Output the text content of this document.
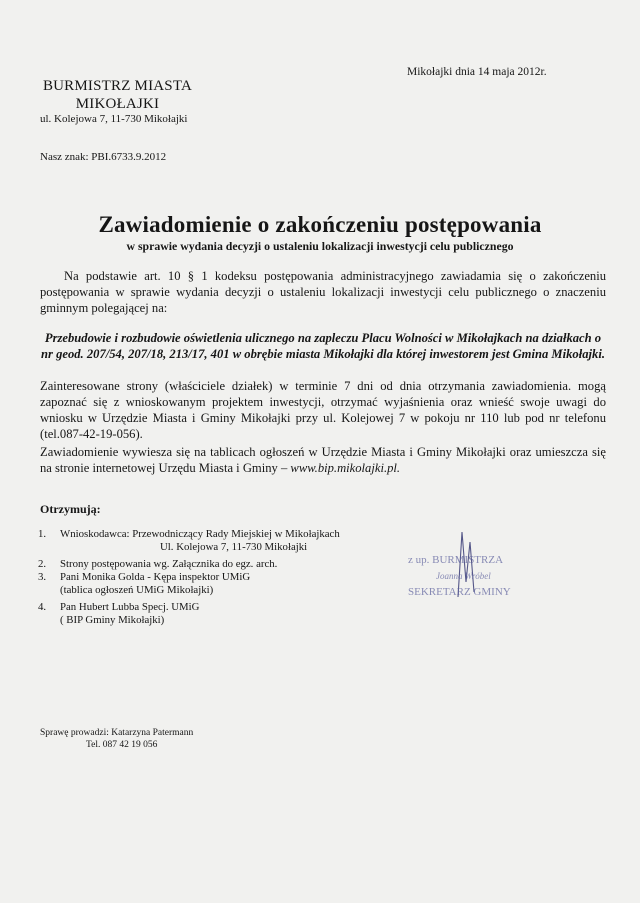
Mikołajki dnia 14 maja 2012r.
BURMISTRZ MIASTA
MIKOŁAJKI
ul. Kolejowa 7, 11-730 Mikołajki
Nasz znak: PBI.6733.9.2012
Zawiadomienie o zakończeniu postępowania
w sprawie wydania decyzji o ustaleniu lokalizacji inwestycji celu publicznego
Na podstawie art. 10 § 1 kodeksu postępowania administracyjnego zawiadamia się o zakończeniu postępowania w sprawie wydania decyzji o ustaleniu lokalizacji inwestycji celu publicznego o znaczeniu gminnym polegającej na:
Przebudowie i rozbudowie oświetlenia ulicznego na zapleczu Placu Wolności w Mikołajkach na działkach o nr geod. 207/54, 207/18, 213/17, 401 w obrębie miasta Mikołajki dla której inwestorem jest Gmina Mikołajki.
Zainteresowane strony (właściciele działek) w terminie 7 dni od dnia otrzymania zawiadomienia. mogą zapoznać się z wnioskowanym projektem inwestycji, otrzymać wyjaśnienia oraz wnieść swoje uwagi do wniosku w Urzędzie Miasta i Gminy Mikołajki przy ul. Kolejowej 7 w pokoju nr 110 lub pod nr telefonu (tel.087-42-19-056).
Zawiadomienie wywiesza się na tablicach ogłoszeń w Urzędzie Miasta i Gminy Mikołajki oraz umieszcza się na stronie internetowej Urzędu Miasta i Gminy – www.bip.mikolajki.pl.
Otrzymują:
1.	Wnioskodawca: Przewodniczący Rady Miejskiej w Mikołajkach
Ul. Kolejowa 7, 11-730 Mikołajki
2.	Strony postępowania wg. Załącznika do egz. arch.
3.	Pani Monika Golda - Kępa inspektor UMiG
(tablica ogłoszeń UMiG Mikołajki)
4.	Pan Hubert Lubba Specj. UMiG
( BIP Gminy Mikołajki)
z up. BURMISTRZA
Joanna Wróbel
SEKRETARZ GMINY
Sprawę prowadzi: Katarzyna Patermann
Tel. 087 42 19 056
